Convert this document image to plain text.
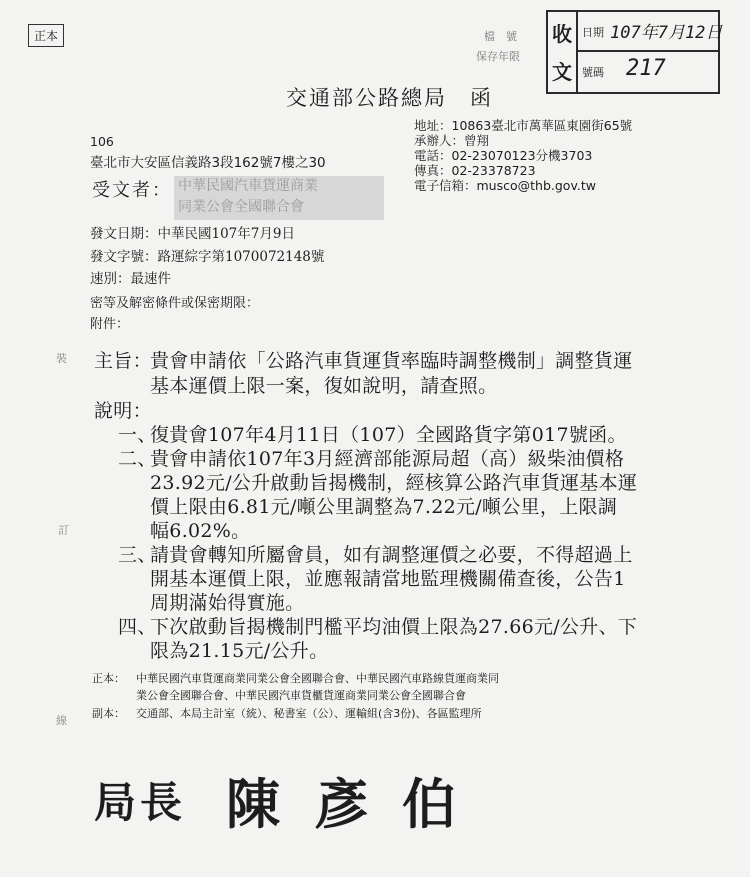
正本	檔　號
保存年限
收
文
日期 107年7月12日
號碼 217
交通部公路總局　函
地址：10863臺北市萬華區東園街65號
承辦人：曾翔
電話：02-23070123分機3703
傳真：02-23378723
電子信箱：musco@thb.gov.tw
106
臺北市大安區信義路3段162號7樓之30
受文者： 中華民國汽車貨運商業
同業公會全國聯合會
發文日期：中華民國107年7月9日
發文字號：路運綜字第1070072148號
速別：最速件
密等及解密條件或保密期限：
附件：
裝
訂
線
主旨：
貴會申請依「公路汽車貨運貨率臨時調整機制」調整貨運
基本運價上限一案，復如說明，請查照。
說明：
一、
復貴會107年4月11日（107）全國路貨字第017號函。
二、
貴會申請依107年3月經濟部能源局超（高）級柴油價格
23.92元/公升啟動旨揭機制，經核算公路汽車貨運基本運
價上限由6.81元/噸公里調整為7.22元/噸公里，上限調
幅6.02%。
三、
請貴會轉知所屬會員，如有調整運價之必要，不得超過上
開基本運價上限，並應報請當地監理機關備查後，公告1
周期滿始得實施。
四、
下次啟動旨揭機制門檻平均油價上限為27.66元/公升、下
限為21.15元/公升。
正本： 中華民國汽車貨運商業同業公會全國聯合會、中華民國汽車路線貨運商業同
業公會全國聯合會、中華民國汽車貨櫃貨運商業同業公會全國聯合會
副本： 交通部、本局主計室（統）、秘書室（公）、運輸組(含3份)、各區監理所
局長 陳彥伯
